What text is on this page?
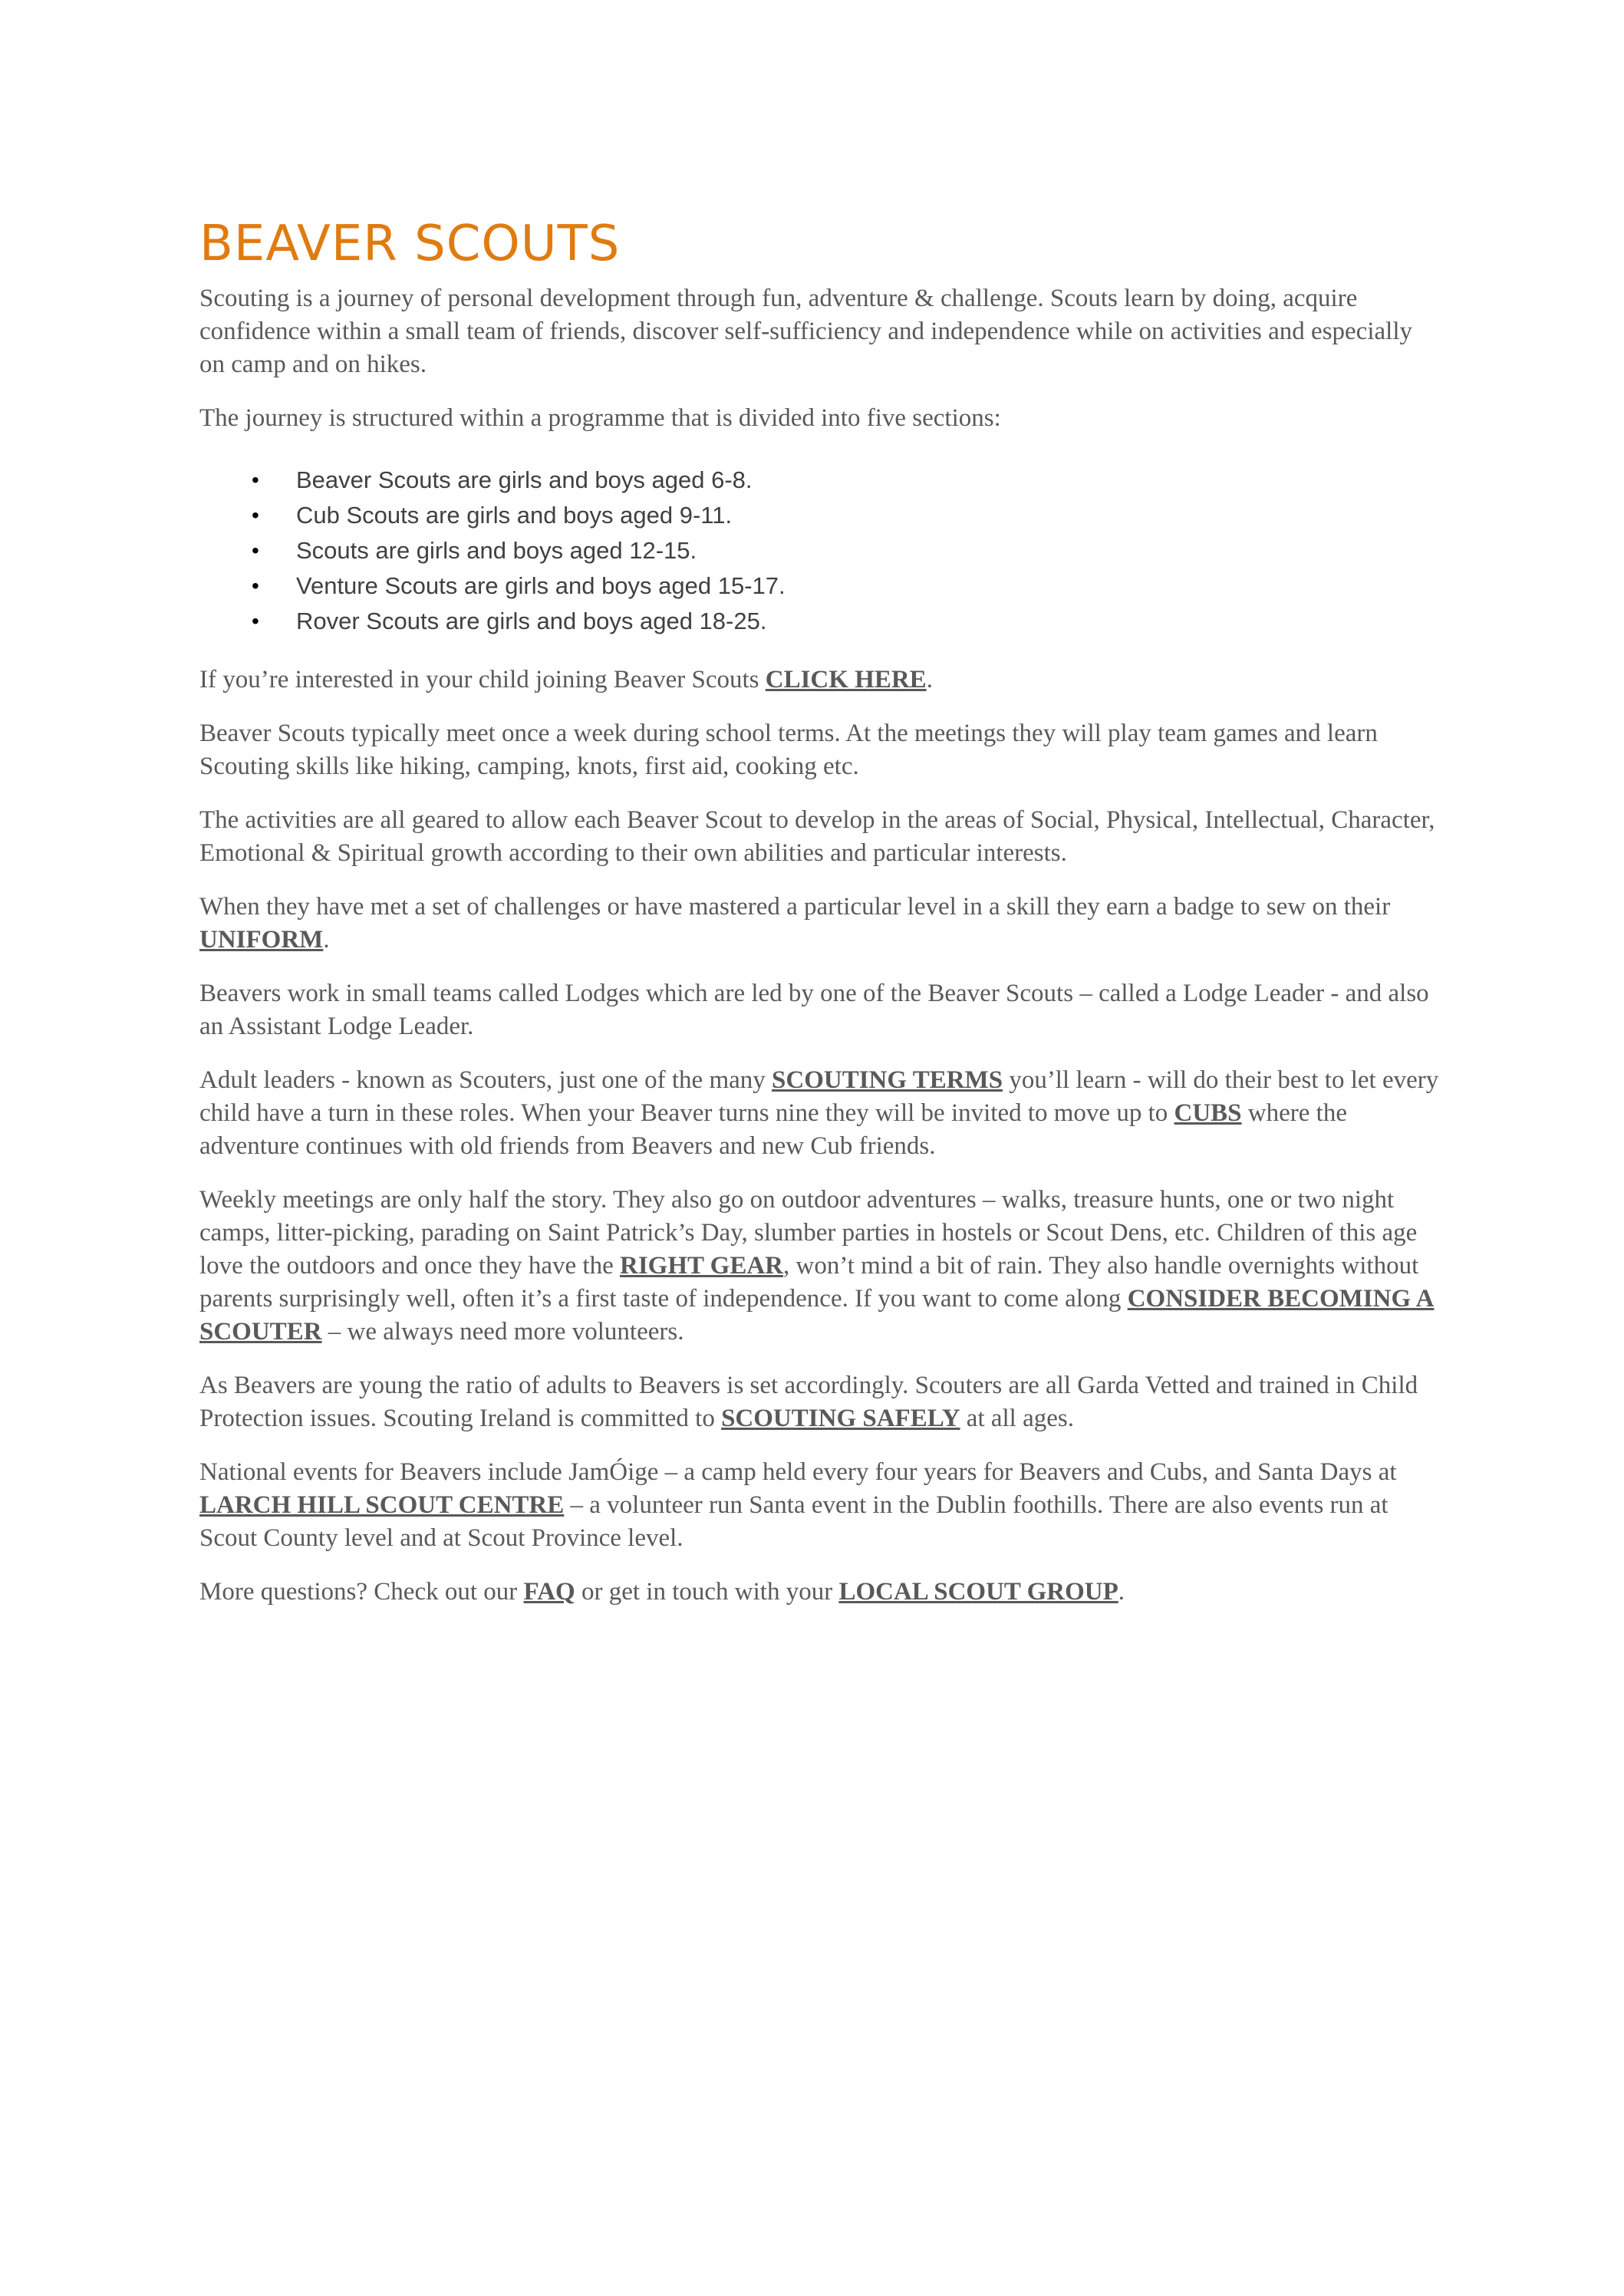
BEAVER SCOUTS

Scouting is a journey of personal development through fun, adventure & challenge. Scouts learn by doing, acquire confidence within a small team of friends, discover self-sufficiency and independence while on activities and especially on camp and on hikes.

The journey is structured within a programme that is divided into five sections:

• Beaver Scouts are girls and boys aged 6-8.
• Cub Scouts are girls and boys aged 9-11.
• Scouts are girls and boys aged 12-15.
• Venture Scouts are girls and boys aged 15-17.
• Rover Scouts are girls and boys aged 18-25.

If you’re interested in your child joining Beaver Scouts CLICK HERE.

Beaver Scouts typically meet once a week during school terms. At the meetings they will play team games and learn Scouting skills like hiking, camping, knots, first aid, cooking etc.

The activities are all geared to allow each Beaver Scout to develop in the areas of Social, Physical, Intellectual, Character, Emotional & Spiritual growth according to their own abilities and particular interests.

When they have met a set of challenges or have mastered a particular level in a skill they earn a badge to sew on their UNIFORM.

Beavers work in small teams called Lodges which are led by one of the Beaver Scouts – called a Lodge Leader - and also an Assistant Lodge Leader.

Adult leaders - known as Scouters, just one of the many SCOUTING TERMS you’ll learn - will do their best to let every child have a turn in these roles. When your Beaver turns nine they will be invited to move up to CUBS where the adventure continues with old friends from Beavers and new Cub friends.

Weekly meetings are only half the story. They also go on outdoor adventures – walks, treasure hunts, one or two night camps, litter-picking, parading on Saint Patrick’s Day, slumber parties in hostels or Scout Dens, etc. Children of this age love the outdoors and once they have the RIGHT GEAR, won’t mind a bit of rain. They also handle overnights without parents surprisingly well, often it’s a first taste of independence. If you want to come along CONSIDER BECOMING A SCOUTER – we always need more volunteers.

As Beavers are young the ratio of adults to Beavers is set accordingly. Scouters are all Garda Vetted and trained in Child Protection issues. Scouting Ireland is committed to SCOUTING SAFELY at all ages.

National events for Beavers include JamÓige – a camp held every four years for Beavers and Cubs, and Santa Days at LARCH HILL SCOUT CENTRE – a volunteer run Santa event in the Dublin foothills. There are also events run at Scout County level and at Scout Province level.

More questions? Check out our FAQ or get in touch with your LOCAL SCOUT GROUP.
